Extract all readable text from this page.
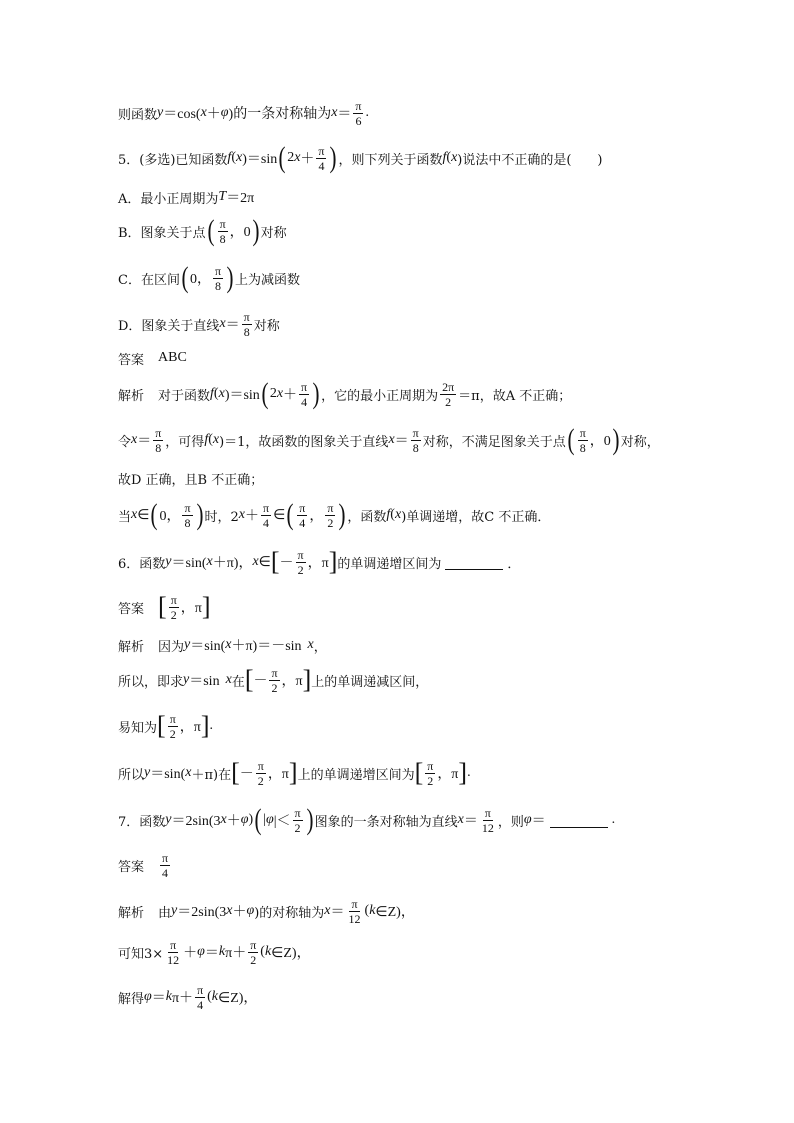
则函数 y ＝cos( x ＋ φ )的一条对称轴为 $x = \frac{\pi}{6}$ .
5．(多选)已知函数 f ( x )＝sin ( 2 $x + \frac{\pi}{4}$ ) ，则下列关于函数 f ( x )说法中不正确的是(　　)
A．最小正周期为 T ＝2π
B．图象关于点 ( $\frac{\pi}{8}$ ，0 ) 对称
C．在区间 ( 0， $\frac{\pi}{8}$ ) 上为减函数
D．图象关于直线 $x = \frac{\pi}{8}$ 对称
答案 ABC
解析 对于函数 f ( x )＝sin ( 2 $x + \frac{\pi}{4}$ ) ，它的最小正周期为 $\frac{2\pi}{2} =\pi$，故A 不正确；
令 $x = \frac{\pi}{8}$ ，可得 f ( x )＝1，故函数的图象关于直线 $x = \frac{\pi}{8}$ 对称，不满足图象关于点 ( $\frac{\pi}{8}$ ，0 ) 对称，
故D 正确，且B 不正确；
当 x ∈ ( 0， $\frac{\pi}{8}$ ) 时，2 $x + \frac{\pi}{4}$ ∈ ( $\frac{\pi}{4}$ ， $\frac{\pi}{2}$ ) ，函数 f ( x )单调递增，故C 不正确．
6．函数 y ＝sin( x ＋π)， x ∈ [ － $\frac{\pi}{2}$ ，π ] 的单调递增区间为	．
答案 [ $\frac{\pi}{2}$ ，π ]
解析 因为 y ＝sin( x ＋π)＝－sin x ，
所以，即求 y ＝sin x 在 [ － $\frac{\pi}{2}$ ，π ] 上的单调递减区间，
易知为 [ $\frac{\pi}{2}$ ，π ] .
所以 y ＝sin( x ＋π)在 [ － $\frac{\pi}{2}$ ，π ] 上的单调递增区间为 [ $\frac{\pi}{2}$ ，π ] .
7．函数 y ＝2sin(3 x ＋ φ ) ( | φ |＜ $\frac{\pi}{2}$ ) 图象的一条对称轴为直线 $x = \frac{\pi}{12}$ ，则 φ ＝	.
答案 $\frac{\pi}{4}$
解析 由 y ＝2sin(3 x ＋ φ )的对称轴为 $x = \frac{\pi}{12}$ ( k ∈Z)，
可知$3\times \frac{\pi}{12} + \varphi = k$ $\pi+ \frac{\pi}{2}$ ( k ∈Z)，
解得 φ ＝ k $\pi+ \frac{\pi}{4}$ ( k ∈Z)，
